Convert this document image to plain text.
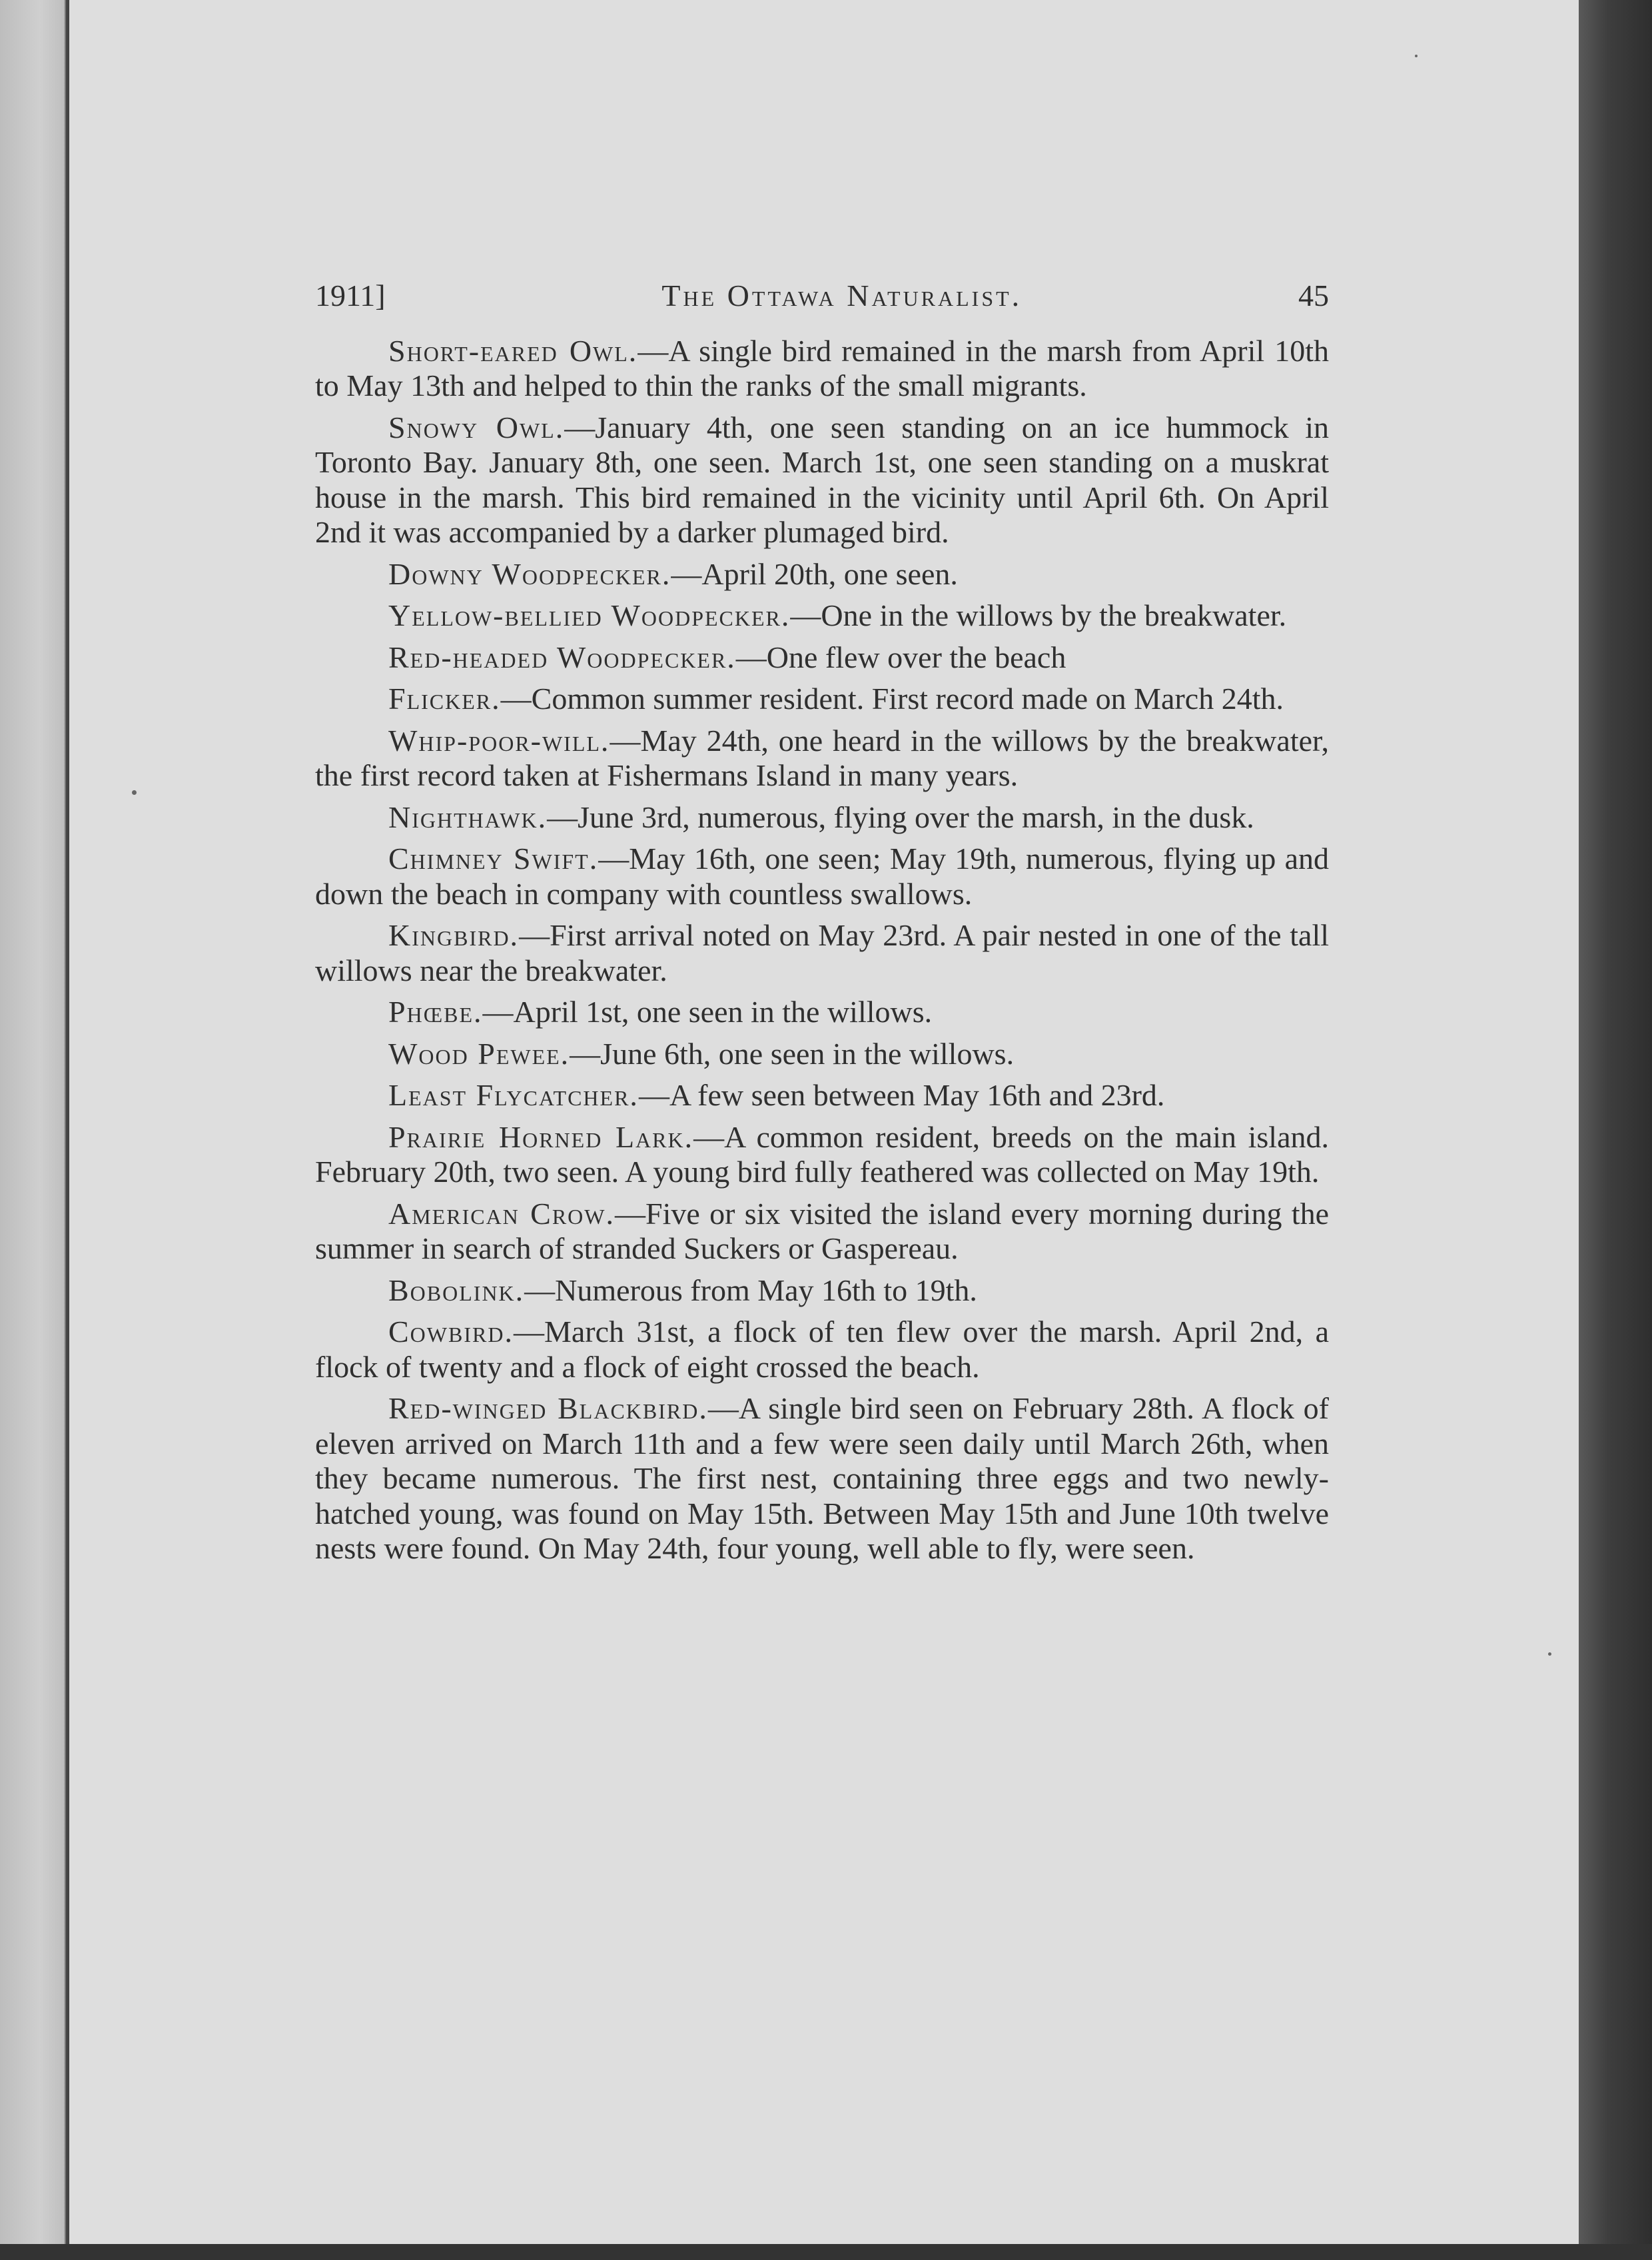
1911]	The Ottawa Naturalist.	45

Short-eared Owl.—A single bird remained in the marsh from April 10th to May 13th and helped to thin the ranks of the small migrants.

Snowy Owl.—January 4th, one seen standing on an ice hummock in Toronto Bay. January 8th, one seen. March 1st, one seen standing on a muskrat house in the marsh. This bird remained in the vicinity until April 6th. On April 2nd it was accompanied by a darker plumaged bird.

Downy Woodpecker.—April 20th, one seen.

Yellow-bellied Woodpecker.—One in the willows by the breakwater.

Red-headed Woodpecker.—One flew over the beach

Flicker.—Common summer resident. First record made on March 24th.

Whip-poor-will.—May 24th, one heard in the willows by the breakwater, the first record taken at Fishermans Island in many years.

Nighthawk.—June 3rd, numerous, flying over the marsh, in the dusk.

Chimney Swift.—May 16th, one seen; May 19th, numerous, flying up and down the beach in company with countless swallows.

Kingbird.—First arrival noted on May 23rd. A pair nested in one of the tall willows near the breakwater.

Phœbe.—April 1st, one seen in the willows.

Wood Pewee.—June 6th, one seen in the willows.

Least Flycatcher.—A few seen between May 16th and 23rd.

Prairie Horned Lark.—A common resident, breeds on the main island. February 20th, two seen. A young bird fully feathered was collected on May 19th.

American Crow.—Five or six visited the island every morning during the summer in search of stranded Suckers or Gaspereau.

Bobolink.—Numerous from May 16th to 19th.

Cowbird.—March 31st, a flock of ten flew over the marsh. April 2nd, a flock of twenty and a flock of eight crossed the beach.

Red-winged Blackbird.—A single bird seen on February 28th. A flock of eleven arrived on March 11th and a few were seen daily until March 26th, when they became numerous. The first nest, containing three eggs and two newly-hatched young, was found on May 15th. Between May 15th and June 10th twelve nests were found. On May 24th, four young, well able to fly, were seen.
